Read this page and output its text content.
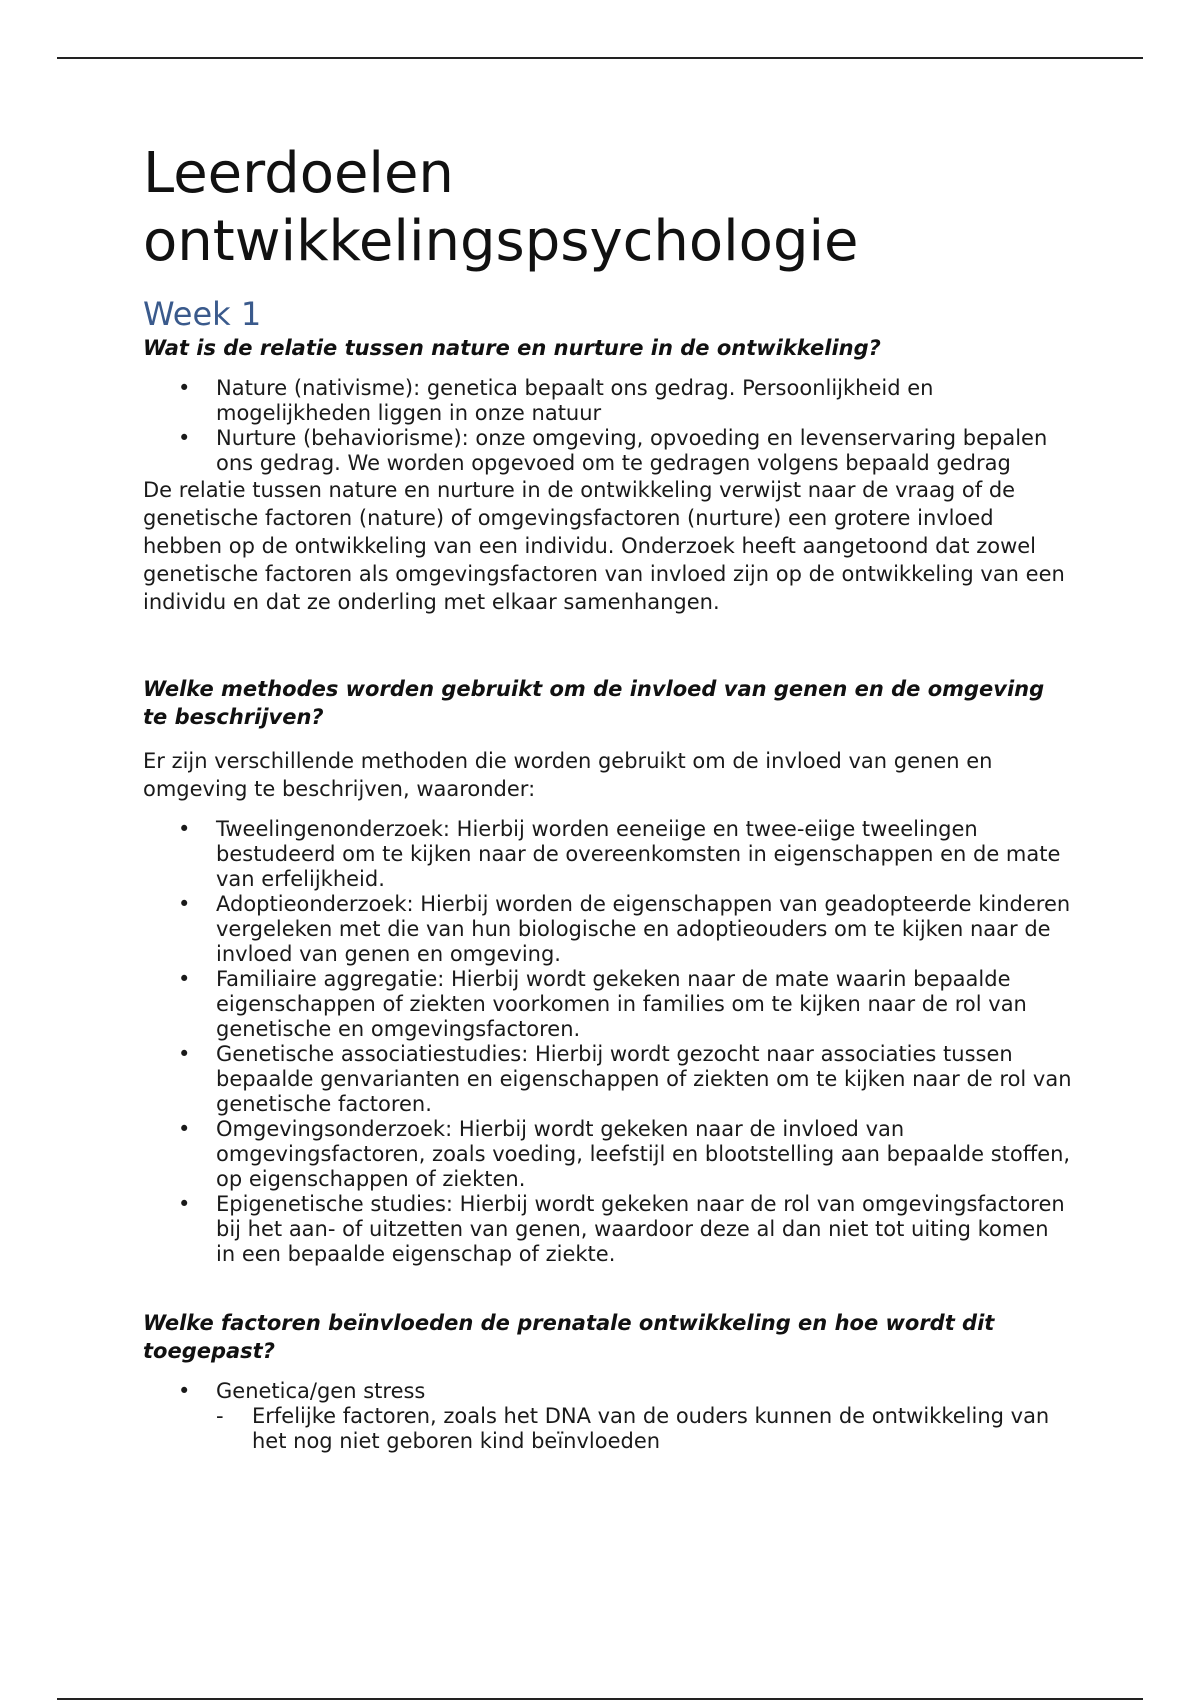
Leerdoelen ontwikkelingspsychologie
Week 1

Wat is de relatie tussen nature en nurture in de ontwikkeling?

• Nature (nativisme): genetica bepaalt ons gedrag. Persoonlijkheid en mogelijkheden liggen in onze natuur
• Nurture (behaviorisme): onze omgeving, opvoeding en levenservaring bepalen ons gedrag. We worden opgevoed om te gedragen volgens bepaald gedrag

De relatie tussen nature en nurture in de ontwikkeling verwijst naar de vraag of de genetische factoren (nature) of omgevingsfactoren (nurture) een grotere invloed hebben op de ontwikkeling van een individu. Onderzoek heeft aangetoond dat zowel genetische factoren als omgevingsfactoren van invloed zijn op de ontwikkeling van een individu en dat ze onderling met elkaar samenhangen.

Welke methodes worden gebruikt om de invloed van genen en de omgeving te beschrijven?

Er zijn verschillende methoden die worden gebruikt om de invloed van genen en omgeving te beschrijven, waaronder:

• Tweelingenonderzoek: Hierbij worden eeneiige en twee-eiige tweelingen bestudeerd om te kijken naar de overeenkomsten in eigenschappen en de mate van erfelijkheid.
• Adoptieonderzoek: Hierbij worden de eigenschappen van geadopteerde kinderen vergeleken met die van hun biologische en adoptieouders om te kijken naar de invloed van genen en omgeving.
• Familiaire aggregatie: Hierbij wordt gekeken naar de mate waarin bepaalde eigenschappen of ziekten voorkomen in families om te kijken naar de rol van genetische en omgevingsfactoren.
• Genetische associatiestudies: Hierbij wordt gezocht naar associaties tussen bepaalde genvarianten en eigenschappen of ziekten om te kijken naar de rol van genetische factoren.
• Omgevingsonderzoek: Hierbij wordt gekeken naar de invloed van omgevingsfactoren, zoals voeding, leefstijl en blootstelling aan bepaalde stoffen, op eigenschappen of ziekten.
• Epigenetische studies: Hierbij wordt gekeken naar de rol van omgevingsfactoren bij het aan- of uitzetten van genen, waardoor deze al dan niet tot uiting komen in een bepaalde eigenschap of ziekte.

Welke factoren beïnvloeden de prenatale ontwikkeling en hoe wordt dit toegepast?

• Genetica/gen stress
- Erfelijke factoren, zoals het DNA van de ouders kunnen de ontwikkeling van het nog niet geboren kind beïnvloeden
